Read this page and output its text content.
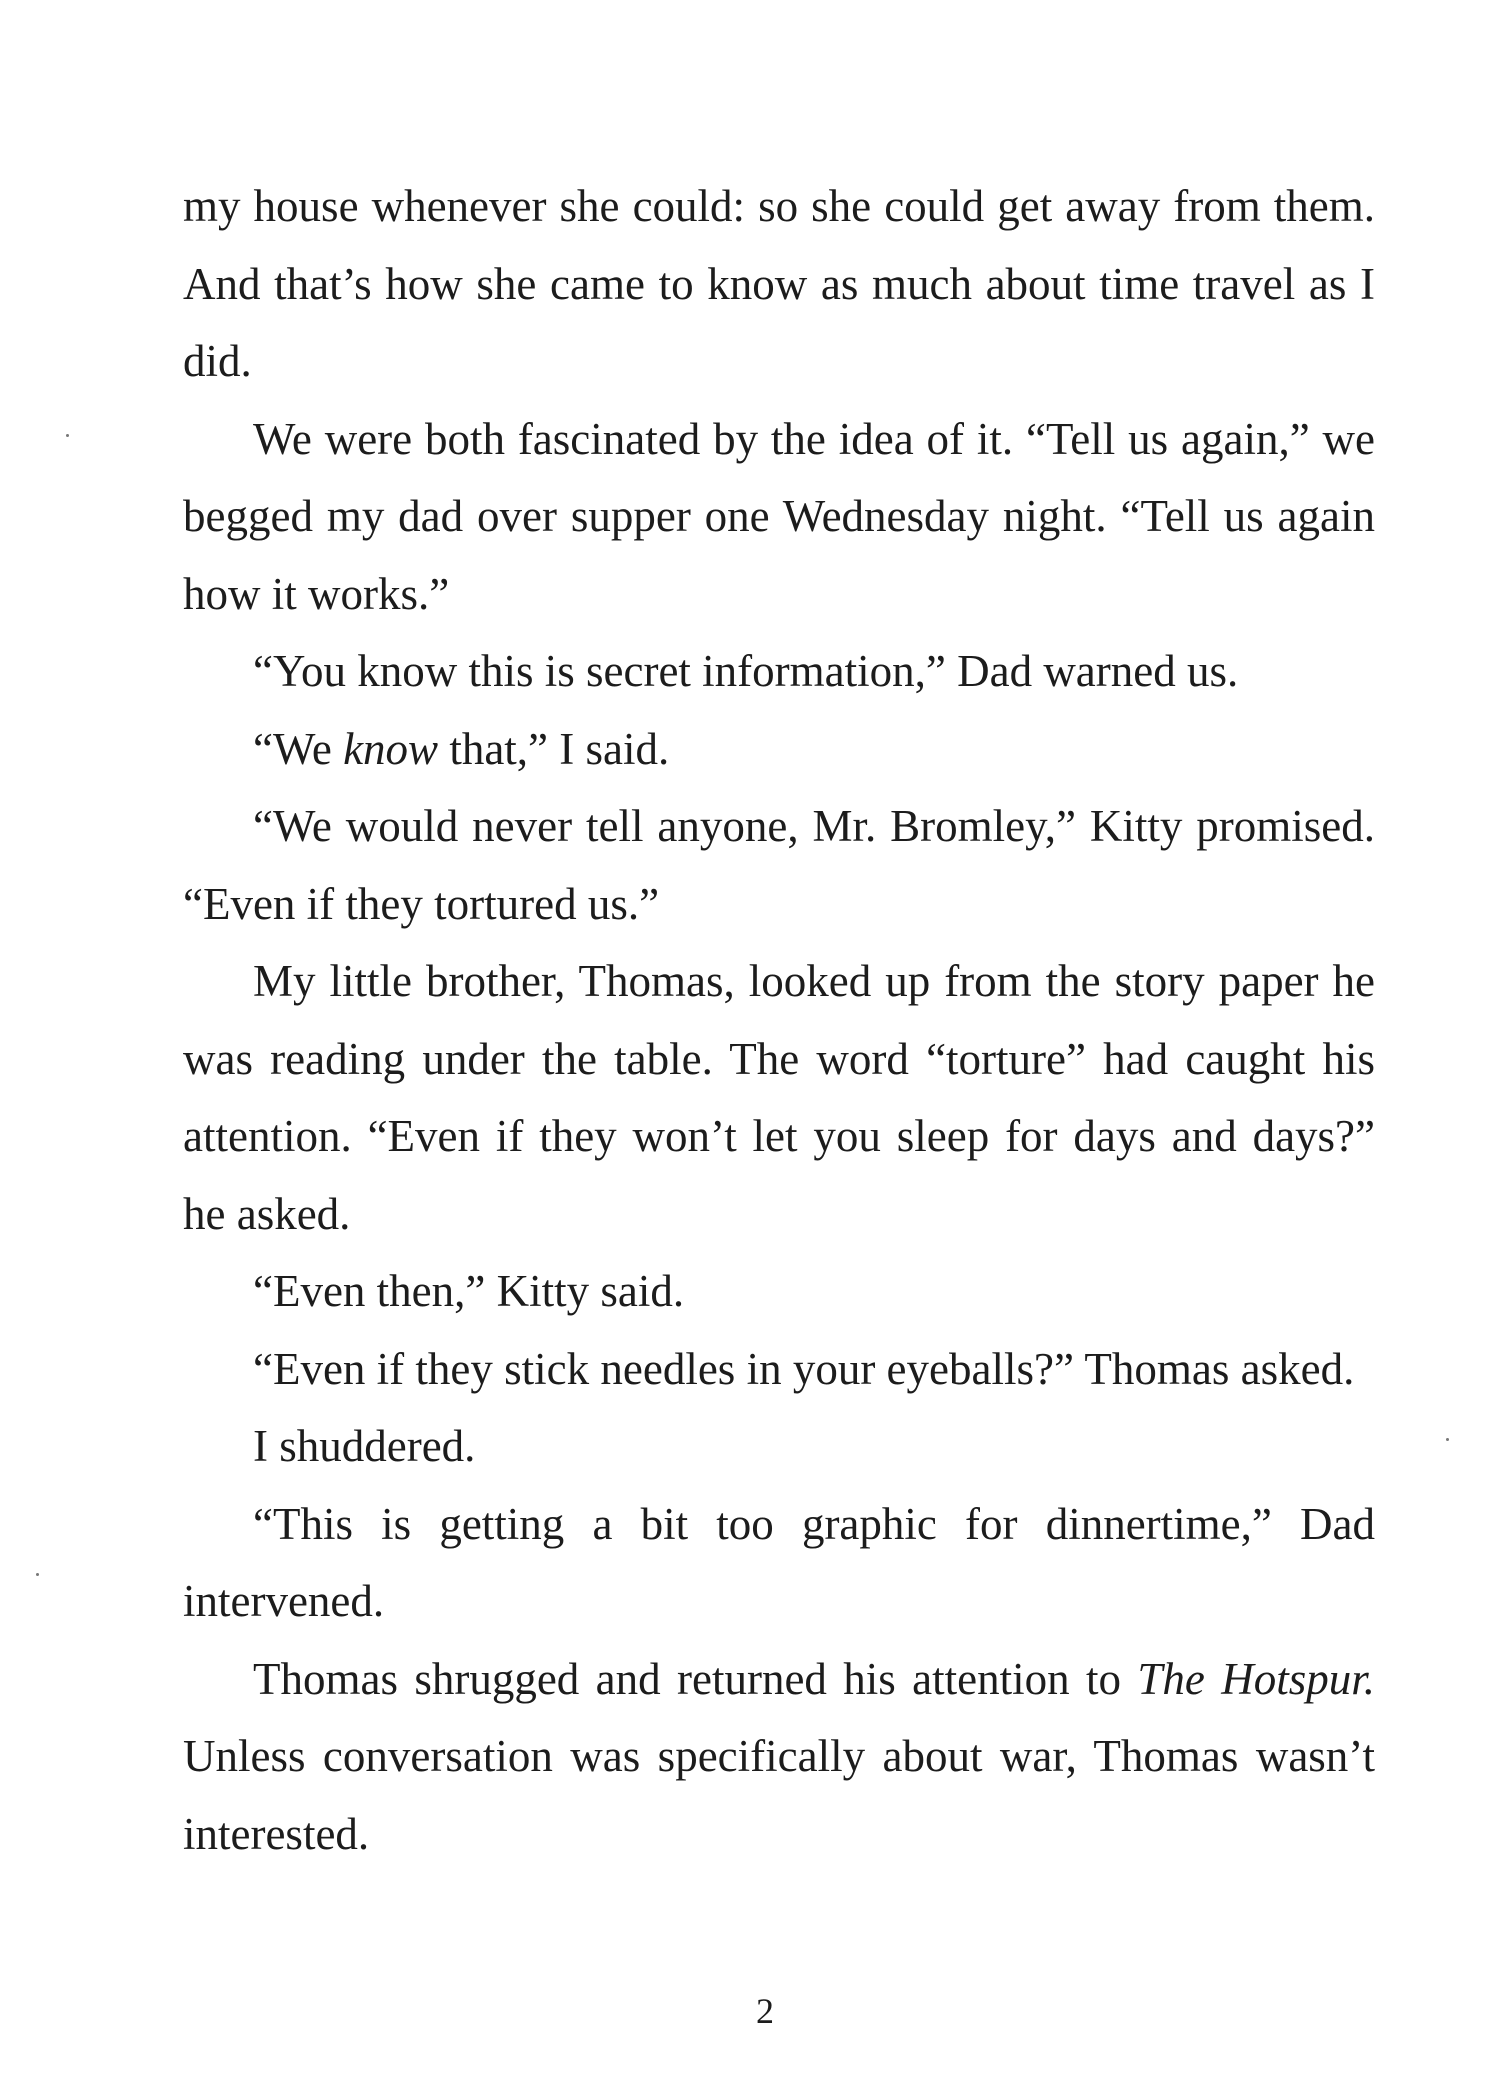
my house whenever she could: so she could get away from them. And that’s how she came to know as much about time travel as I did.

We were both fascinated by the idea of it. “Tell us again,” we begged my dad over supper one Wednesday night. “Tell us again how it works.”

“You know this is secret information,” Dad warned us.

“We know that,” I said.

“We would never tell anyone, Mr. Bromley,” Kitty promised. “Even if they tortured us.”

My little brother, Thomas, looked up from the story paper he was reading under the table. The word “torture” had caught his attention. “Even if they won’t let you sleep for days and days?” he asked.

“Even then,” Kitty said.

“Even if they stick needles in your eyeballs?” Thomas asked.

I shuddered.

“This is getting a bit too graphic for dinnertime,” Dad intervened.

Thomas shrugged and returned his attention to The Hotspur. Unless conversation was specifically about war, Thomas wasn’t interested.

2
